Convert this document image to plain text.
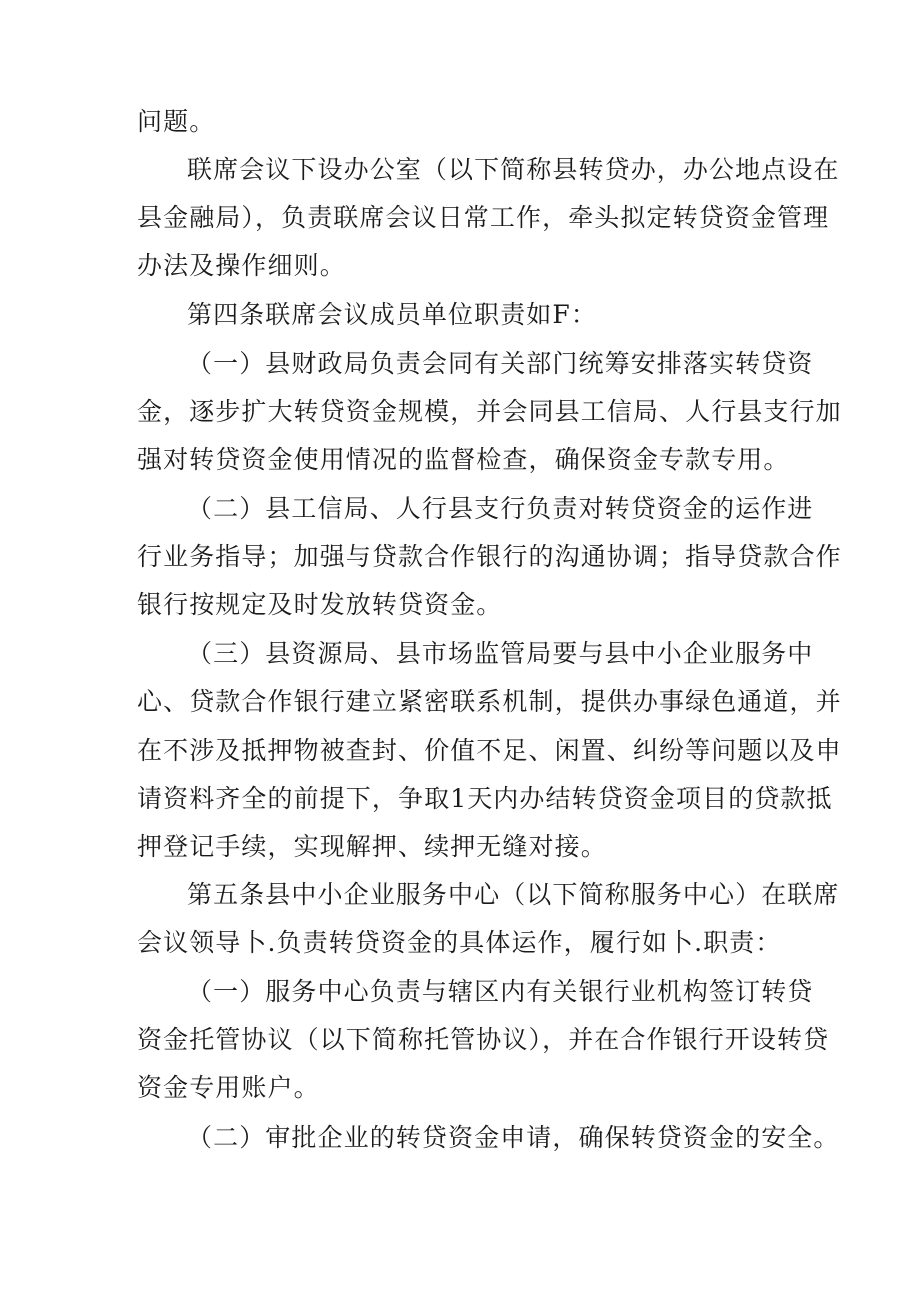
问题。
联席会议下设办公室（以下简称县转贷办，办公地点设在
县金融局），负责联席会议日常工作，牵头拟定转贷资金管理
办法及操作细则。
第四条联席会议成员单位职责如F：
（一）县财政局负责会同有关部门统筹安排落实转贷资
金，逐步扩大转贷资金规模，并会同县工信局、人行县支行加
强对转贷资金使用情况的监督检查，确保资金专款专用。
（二）县工信局、人行县支行负责对转贷资金的运作进
行业务指导；加强与贷款合作银行的沟通协调；指导贷款合作
银行按规定及时发放转贷资金。
（三）县资源局、县市场监管局要与县中小企业服务中
心、贷款合作银行建立紧密联系机制，提供办事绿色通道，并
在不涉及抵押物被查封、价值不足、闲置、纠纷等问题以及申
请资料齐全的前提下，争取1天内办结转贷资金项目的贷款抵
押登记手续，实现解押、续押无缝对接。
第五条县中小企业服务中心（以下简称服务中心）在联席
会议领导卜.负责转贷资金的具体运作，履行如卜.职责：
（一）服务中心负责与辖区内有关银行业机构签订转贷
资金托管协议（以下简称托管协议），并在合作银行开设转贷
资金专用账户。
（二）审批企业的转贷资金申请，确保转贷资金的安全。
